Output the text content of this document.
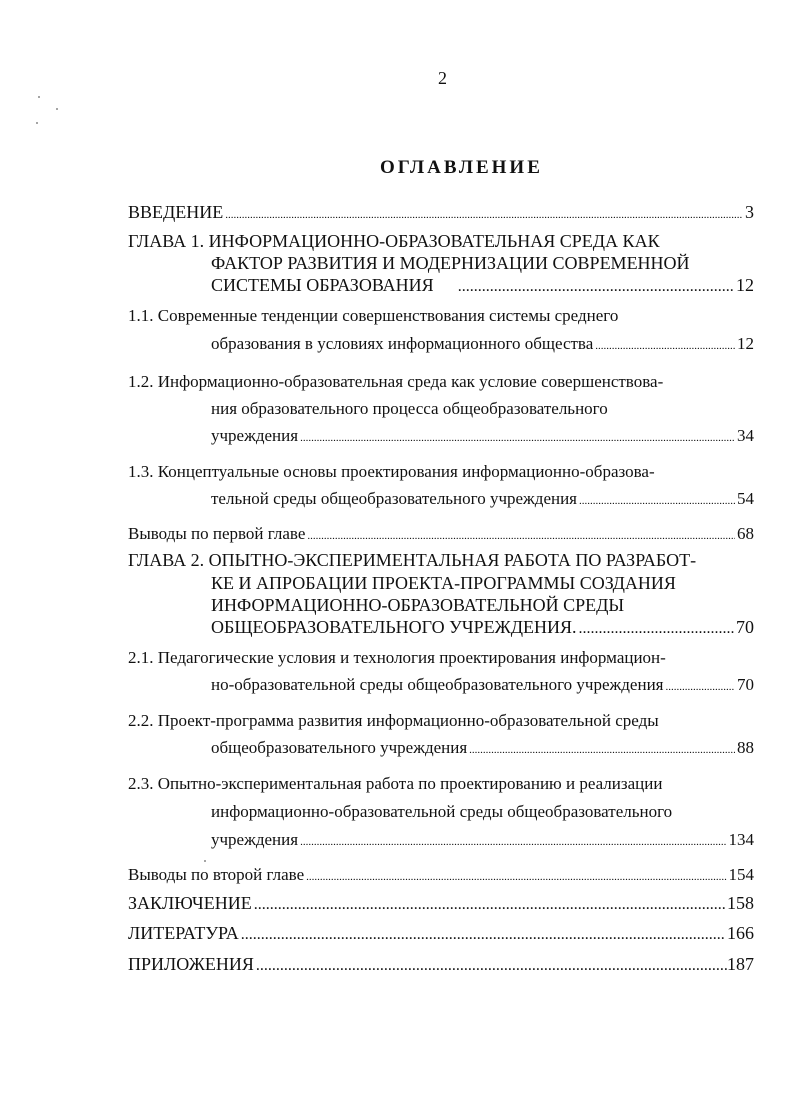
2
ОГЛАВЛЕНИЕ
ВВЕДЕНИЕ .....	3
ГЛАВА 1. ИНФОРМАЦИОННО-ОБРАЗОВАТЕЛЬНАЯ СРЕДА КАК
ФАКТОР РАЗВИТИЯ И МОДЕРНИЗАЦИИ СОВРЕМЕННОЙ
СИСТЕМЫ ОБРАЗОВАНИЯ .....	12
1.1. Современные тенденции совершенствования системы среднего
образования в условиях информационного общества .....	12
1.2. Информационно-образовательная среда как условие совершенствова-
ния образовательного процесса общеобразовательного
учреждения .....	34
1.3. Концептуальные основы проектирования информационно-образова-
тельной среды общеобразовательного учреждения .....	54
Выводы по первой главе .....	68
ГЛАВА 2. ОПЫТНО-ЭКСПЕРИМЕНТАЛЬНАЯ РАБОТА ПО РАЗРАБОТ-
КЕ И АПРОБАЦИИ ПРОЕКТА-ПРОГРАММЫ СОЗДАНИЯ
ИНФОРМАЦИОННО-ОБРАЗОВАТЕЛЬНОЙ СРЕДЫ
ОБЩЕОБРАЗОВАТЕЛЬНОГО УЧРЕЖДЕНИЯ. .....	70
2.1. Педагогические условия и технология проектирования информацион-
но-образовательной среды общеобразовательного учреждения .....	70
2.2. Проект-программа развития информационно-образовательной среды
общеобразовательного учреждения .....	88
2.3. Опытно-экспериментальная работа по проектированию и реализации
информационно-образовательной среды общеобразовательного
учреждения .....	134
Выводы по второй главе .....	154
ЗАКЛЮЧЕНИЕ .....	158
ЛИТЕРАТУРА .....	166
ПРИЛОЖЕНИЯ .....	187
